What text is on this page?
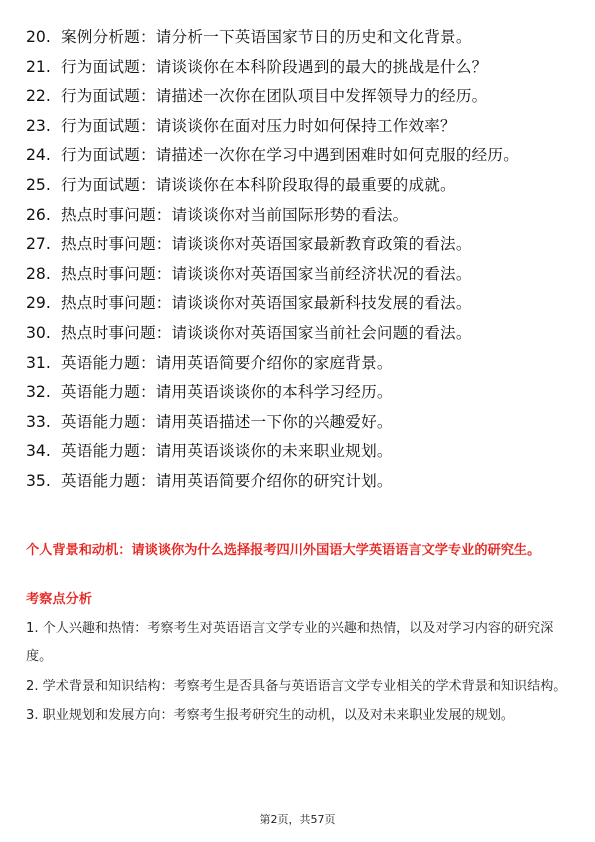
20. 案例分析题：请分析一下英语国家节日的历史和文化背景。
21. 行为面试题：请谈谈你在本科阶段遇到的最大的挑战是什么？
22. 行为面试题：请描述一次你在团队项目中发挥领导力的经历。
23. 行为面试题：请谈谈你在面对压力时如何保持工作效率？
24. 行为面试题：请描述一次你在学习中遇到困难时如何克服的经历。
25. 行为面试题：请谈谈你在本科阶段取得的最重要的成就。
26. 热点时事问题：请谈谈你对当前国际形势的看法。
27. 热点时事问题：请谈谈你对英语国家最新教育政策的看法。
28. 热点时事问题：请谈谈你对英语国家当前经济状况的看法。
29. 热点时事问题：请谈谈你对英语国家最新科技发展的看法。
30. 热点时事问题：请谈谈你对英语国家当前社会问题的看法。
31. 英语能力题：请用英语简要介绍你的家庭背景。
32. 英语能力题：请用英语谈谈你的本科学习经历。
33. 英语能力题：请用英语描述一下你的兴趣爱好。
34. 英语能力题：请用英语谈谈你的未来职业规划。
35. 英语能力题：请用英语简要介绍你的研究计划。

个人背景和动机：请谈谈你为什么选择报考四川外国语大学英语语言文学专业的研究生。

考察点分析
1. 个人兴趣和热情：考察考生对英语语言文学专业的兴趣和热情，以及对学习内容的研究深度。
2. 学术背景和知识结构：考察考生是否具备与英语语言文学专业相关的学术背景和知识结构。
3. 职业规划和发展方向：考察考生报考研究生的动机，以及对未来职业发展的规划。
第2页，共57页
